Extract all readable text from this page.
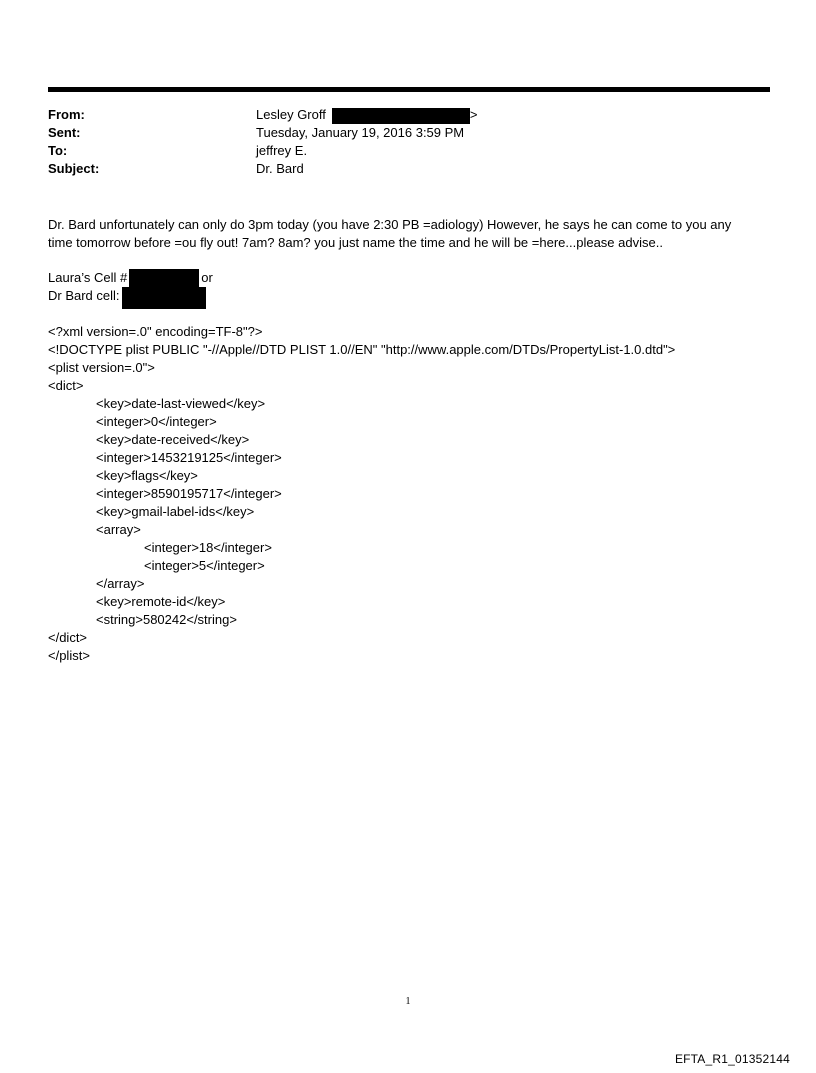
From:	Lesley Groff	>
Sent:	Tuesday, January 19, 2016 3:59 PM
To:	jeffrey E.
Subject:	Dr. Bard

Dr. Bard unfortunately can only do 3pm today (you have 2:30 PB =adiology) However, he says he can come to you any

time tomorrow before =ou fly out! 7am? 8am? you just name the time and he will be =here...please advise..

Laura’s Cell #	or
Dr Bard cell:
<?xml version=.0" encoding=TF-8"?>
<!DOCTYPE plist PUBLIC "-//Apple//DTD PLIST 1.0//EN" "http://www.apple.com/DTDs/PropertyList-1.0.dtd">
<plist version=.0">
<dict>
<key>date-last-viewed</key>
<integer>0</integer>
<key>date-received</key>
<integer>1453219125</integer>
<key>flags</key>
<integer>8590195717</integer>
<key>gmail-label-ids</key>
<array>
<integer>18</integer>
<integer>5</integer>
</array>
<key>remote-id</key>
<string>580242</string>
</dict>
</plist>
1
EFTA_R1_01352144
